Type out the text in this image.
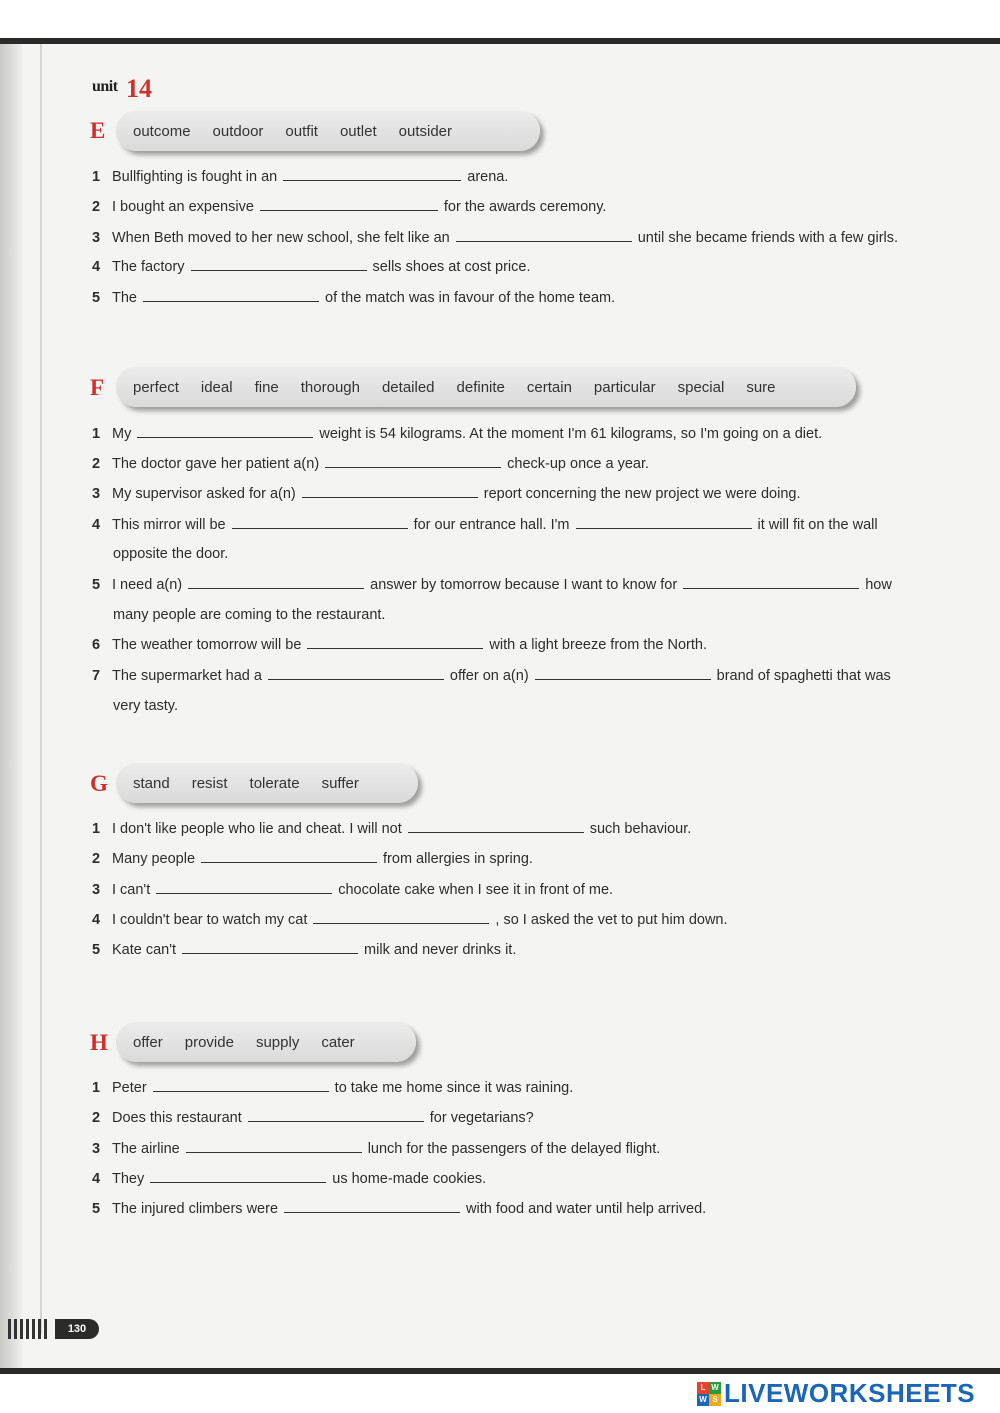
unit 14
E outcome outdoor outfit outlet outsider
1 Bullfighting is fought in an	arena.
2 I bought an expensive	for the awards ceremony.
3 When Beth moved to her new school, she felt like an	until she became friends with a few girls.
4 The factory	sells shoes at cost price.
5 The	of the match was in favour of the home team.
F perfect ideal fine thorough detailed definite certain particular special sure
1 My	weight is 54 kilograms. At the moment I'm 61 kilograms, so I'm going on a diet.
2 The doctor gave her patient a(n)	check-up once a year.
3 My supervisor asked for a(n)	report concerning the new project we were doing.
4 This mirror will be	for our entrance hall. I'm	it will fit on the wall
opposite the door.
5 I need a(n)	answer by tomorrow because I want to know for	how
many people are coming to the restaurant.
6 The weather tomorrow will be	with a light breeze from the North.
7 The supermarket had a	offer on a(n)	brand of spaghetti that was
very tasty.
G stand resist tolerate suffer
1 I don't like people who lie and cheat. I will not	such behaviour.
2 Many people	from allergies in spring.
3 I can't	chocolate cake when I see it in front of me.
4 I couldn't bear to watch my cat	, so I asked the vet to put him down.
5 Kate can't	milk and never drinks it.
H offer provide supply cater
1 Peter	to take me home since it was raining.
2 Does this restaurant	for vegetarians?
3 The airline	lunch for the passengers of the delayed flight.
4 They	us home-made cookies.
5 The injured climbers were	with food and water until help arrived.
130
L W
W S LIVEWORKSHEETS
